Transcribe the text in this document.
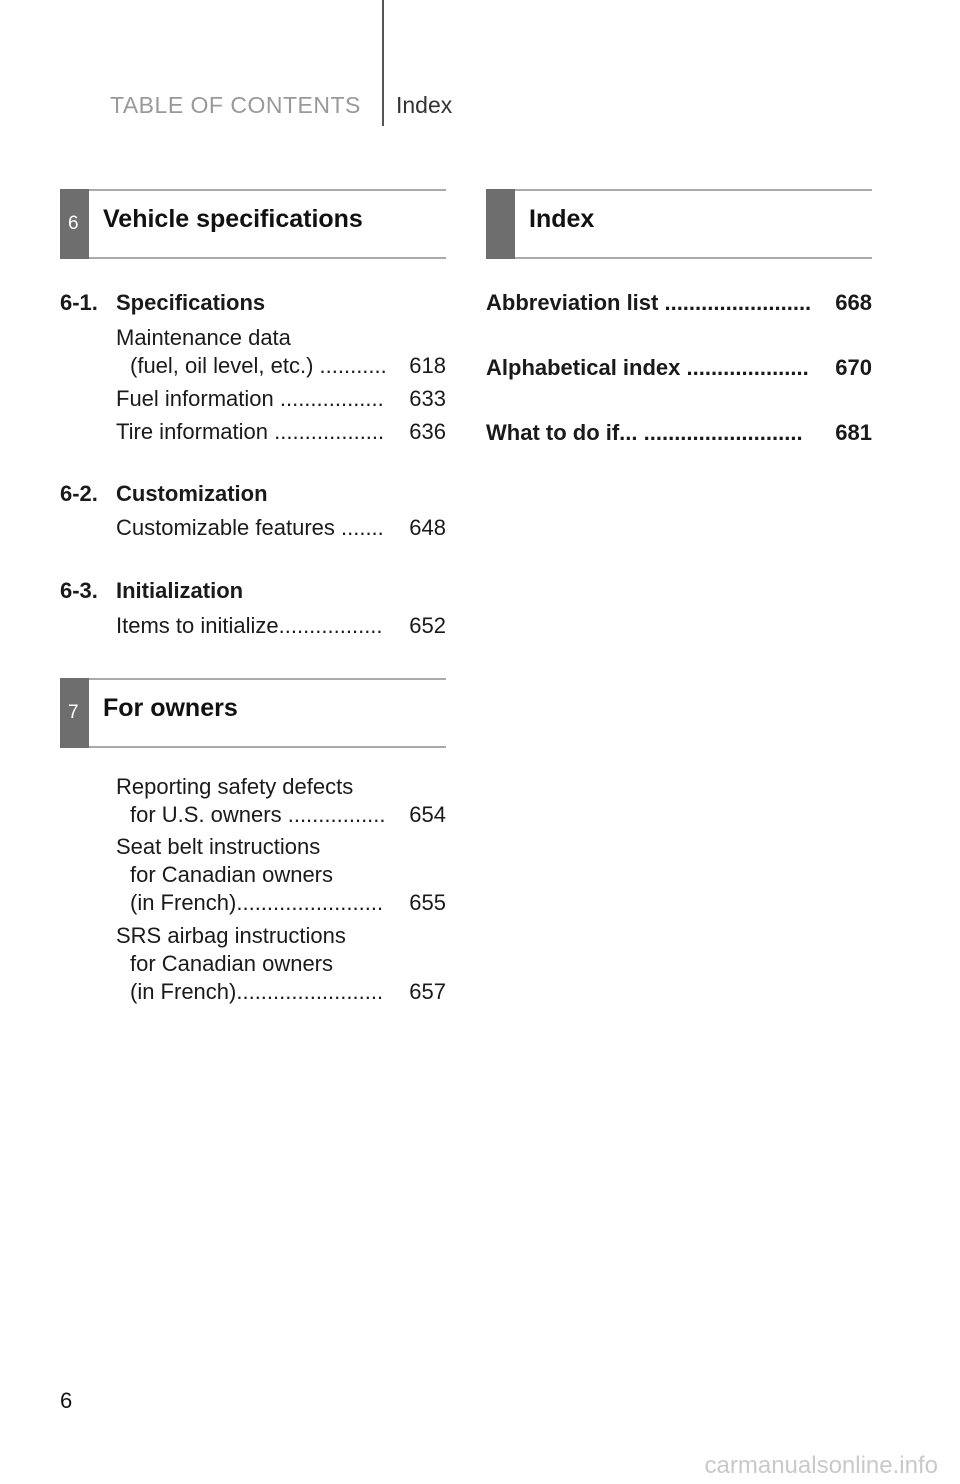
TABLE OF CONTENTS Index
6 Vehicle specifications
6-1. Specifications
Maintenance data
(fuel, oil level, etc.) ........... 618
Fuel information ................. 633
Tire information .................. 636
6-2. Customization
Customizable features ....... 648
6-3. Initialization
Items to initialize................. 652
7 For owners
Reporting safety defects
for U.S. owners ................ 654
Seat belt instructions
for Canadian owners
(in French)........................ 655
SRS airbag instructions
for Canadian owners
(in French)........................ 657
Index
Abbreviation list ........................ 668
Alphabetical index .................... 670
What to do if... .......................... 681
6
carmanualsonline.info
